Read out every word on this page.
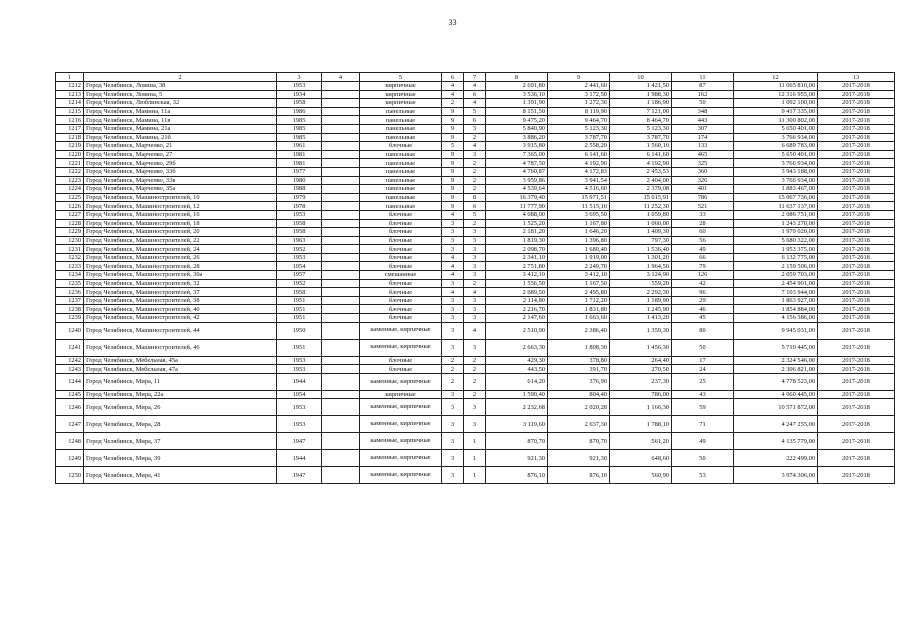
33
1	2	3	4	5	6	7	8	9	10	11	12	13
1212	Город Челябинск, Ловина, 38	1953		кирпичные	4	4	2 691,80	2 441,60	1 421,50	87	11 065 810,00	2017-2018
1213	Город Челябинск, Ловина, 5	1934		кирпичные	4	6	3 536,10	3 172,50	1 988,30	162	12 316 955,00	2017-2018
1214	Город Челябинск, Люблинская, 32	1958		кирпичные	2	4	1 391,90	1 272,30	1 186,90	50	1 092 100,00	2017-2018
1215	Город Челябинск, Мамина, 11а	1986		панельные	9	5	8 151,50	8 119,90	7 121,00	348	9 417 335,00	2017-2018
1216	Город Челябинск, Мамина, 11в	1985		панельные	9	6	9 475,20	9 464,70	8 464,70	443	11 300 802,00	2017-2018
1217	Город Челябинск, Мамина, 21а	1985		панельные	9	3	5 840,90	5 123,30	5 123,30	307	5 650 401,00	2017-2018
1218	Город Челябинск, Мамина, 21б	1985		панельные	9	2	3 886,20	3 787,70	3 787,70	174	3 766 934,00	2017-2018
1219	Город Челябинск, Марченко, 21	1961		блочные	5	4	3 915,80	2 558,20	1 560,10	133	6 689 783,00	2017-2018
1220	Город Челябинск, Марченко, 27	1981		панельные	9	3	7 365,00	6 141,60	6 141,60	465	5 650 401,00	2017-2018
1221	Город Челябинск, Марченко, 29б	1981		панельные	9	2	4 787,50	4 192,90	4 192,90	325	3 766 934,00	2017-2018
1222	Город Челябинск, Марченко, 33б	1977		панельные	9	2	4 760,87	4 172,83	2 453,53	360	3 943 188,00	2017-2018
1223	Город Челябинск, Марченко, 33в	1980		панельные	9	2	3 959,86	3 941,54	2 404,00	326	3 766 934,00	2017-2018
1224	Город Челябинск, Марченко, 35а	1988		панельные	9	2	4 539,64	4 516,60	2 379,08	401	1 883 467,00	2017-2018
1225	Город Челябинск, Машиностроителей, 10	1979		панельные	9	8	16 379,40	15 971,51	15 015,91	786	15 067 736,00	2017-2018
1226	Город Челябинск, Машиностроителей, 12	1978		панельные	9	6	11 777,90	11 515,10	11 252,30	521	11 637 137,00	2017-2018
1227	Город Челябинск, Машиностроителей, 16	1953		блочные	4	5	4 088,00	3 695,50	1 059,80	33	2 086 751,00	2017-2018
1228	Город Челябинск, Машиностроителей, 18	1958		блочные	3	2	1 525,20	1 167,80	1 060,00	28	1 243 270,00	2017-2018
1229	Город Челябинск, Машиностроителей, 20	1958		блочные	3	3	2 181,20	1 646,20	1 409,30	60	1 979 020,00	2017-2018
1230	Город Челябинск, Машиностроителей, 22	1963		блочные	3	3	1 819,30	1 396,80	797,30	56	5 680 322,00	2017-2018
1231	Город Челябинск, Машиностроителей, 24	1952		блочные	3	3	2 098,70	1 680,40	1 536,40	49	1 953 375,00	2017-2018
1232	Город Челябинск, Машиностроителей, 26	1953		блочные	4	3	2 341,10	1 919,00	1 301,20	66	6 132 775,00	2017-2018
1233	Город Челябинск, Машиностроителей, 28	1954		блочные	4	3	2 751,80	2 249,70	1 964,50	79	2 159 506,00	2017-2018
1234	Город Челябинск, Машиностроителей, 30а	1957		смешанные	4	3	3 412,10	3 412,10	3 124,90	126	2 059 703,00	2017-2018
1235	Город Челябинск, Машиностроителей, 32	1952		блочные	3	2	1 556,50	1 167,50	559,20	42	2 454 901,00	2017-2018
1236	Город Челябинск, Машиностроителей, 37	1958		блочные	4	4	2 689,50	2 495,80	2 292,30	96	7 103 944,00	2017-2018
1237	Город Челябинск, Машиностроителей, 38	1951		блочные	3	3	2 114,80	1 712,20	1 189,90	29	1 863 927,00	2017-2018
1238	Город Челябинск, Машиностроителей, 40	1951		блочные	3	3	2 216,70	1 831,80	1 245,90	46	1 854 884,00	2017-2018
1239	Город Челябинск, Машиностроителей, 42	1951		блочные	3	3	2 147,60	1 663,60	1 413,20	45	4 156 386,00	2017-2018
1240	Город Челябинск, Машиностроителей, 44	1950		каменные, кирпичные	3	4	2 510,90	2 386,40	1 359,30	80	9 945 031,00	2017-2018
1241	Город Челябинск, Машиностроителей, 46	1951		каменные, кирпичные	3	3	2 663,30	1 808,30	1 456,30	50	5 710 445,00	2017-2018
1242	Город Челябинск, Мебельная, 45а	1953		блочные	2	2	429,30	378,80	264,40	17	2 324 546,00	2017-2018
1243	Город Челябинск, Мебельная, 47а	1953		блочные	2	2	443,50	391,70	270,50	24	2 306 821,00	2017-2018
1244	Город Челябинск, Мира, 11	1944		каменные, кирпичные	2	2	614,20	376,90	237,30	25	4 778 523,00	2017-2018
1245	Город Челябинск, Мира, 22а	1954		кирпичные	3	2	1 590,40	804,40	786,00	43	4 060 445,00	2017-2018
1246	Город Челябинск, Мира, 26	1953		каменные, кирпичные	3	3	2 232,68	2 020,28	1 166,30	59	10 571 872,00	2017-2018
1247	Город Челябинск, Мира, 28	1953		каменные, кирпичные	3	3	3 119,60	2 637,30	1 788,10	71	4 247 255,00	2017-2018
1248	Город Челябинск, Мира, 37	1947		каменные, кирпичные	3	1	870,70	870,70	561,20	49	4 135 779,00	2017-2018
1249	Город Челябинск, Мира, 39	1944		каменные, кирпичные	3	1	921,30	921,30	648,60	50	222 499,00	2017-2018
1250	Город Челябинск, Мира, 41	1947		каменные, кирпичные	3	1	876,10	876,10	560,90	53	3 974 306,00	2017-2018
